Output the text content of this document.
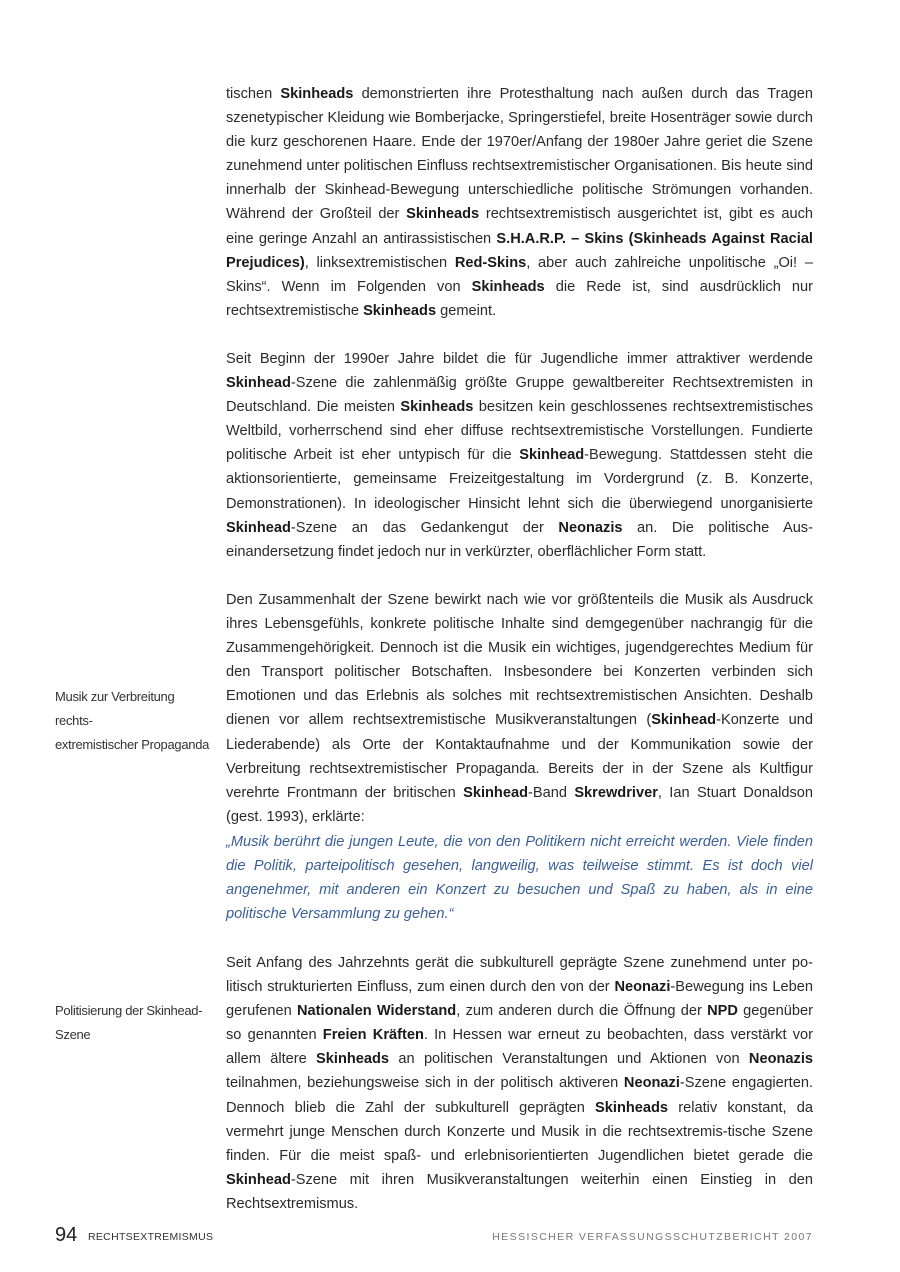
tischen Skinheads demonstrierten ihre Protesthaltung nach außen durch das Tragen szenetypischer Kleidung wie Bomberjacke, Springerstiefel, breite Hosenträger sowie durch die kurz geschorenen Haare. Ende der 1970er/Anfang der 1980er Jahre geriet die Szene zunehmend unter politischen Einfluss rechtsextremistischer Organisationen. Bis heute sind innerhalb der Skinhead-Bewegung unterschiedliche politische Strömungen vorhanden. Während der Großteil der Skinheads rechtsextremistisch ausgerichtet ist, gibt es auch eine geringe Anzahl an antirassistischen S.H.A.R.P. – Skins (Skinheads Against Racial Prejudices), linksextremistischen Red-Skins, aber auch zahlreiche unpolitische „Oi! – Skins“. Wenn im Folgenden von Skinheads die Rede ist, sind ausdrücklich nur rechtsextremistische Skinheads gemeint.

Seit Beginn der 1990er Jahre bildet die für Jugendliche immer attraktiver werdende Skinhead-Szene die zahlenmäßig größte Gruppe gewaltbereiter Rechtsextremisten in Deutschland. Die meisten Skinheads besitzen kein geschlossenes rechtsextremistisches Weltbild, vorherrschend sind eher diffuse rechtsextremistische Vorstellungen. Fundierte politische Arbeit ist eher untypisch für die Skinhead-Bewegung. Stattdessen steht die aktionsorientierte, gemeinsame Freizeitgestaltung im Vordergrund (z. B. Konzerte, Demonstrationen). In ideologischer Hinsicht lehnt sich die überwiegend unorganisierte Skinhead-Szene an das Gedankengut der Neonazis an. Die politische Auseinandersetzung findet jedoch nur in verkürzter, oberflächlicher Form statt.

Den Zusammenhalt der Szene bewirkt nach wie vor größtenteils die Musik als Ausdruck ihres Lebensgefühls, konkrete politische Inhalte sind demgegenüber nachrangig für die Zusammengehörigkeit. Dennoch ist die Musik ein wichtiges, jugendgerechtes Medium für den Transport politischer Botschaften. Insbesondere bei Konzerten verbinden sich Emotionen und das Erlebnis als solches mit rechtsextremistischen Ansichten. Deshalb dienen vor allem rechtsextremistische Musikveranstaltungen (Skinhead-Konzerte und Liederabende) als Orte der Kontaktaufnahme und der Kommunikation sowie der Verbreitung rechtsextremistischer Propaganda. Bereits der in der Szene als Kultfigur verehrte Frontmann der britischen Skinhead-Band Skrewdriver, Ian Stuart Donaldson (gest. 1993), erklärte:

„Musik berührt die jungen Leute, die von den Politikern nicht erreicht werden. Viele finden die Politik, parteipolitisch gesehen, langweilig, was teilweise stimmt. Es ist doch viel angenehmer, mit anderen ein Konzert zu besuchen und Spaß zu haben, als in eine politische Versammlung zu gehen.“

Seit Anfang des Jahrzehnts gerät die subkulturell geprägte Szene zunehmend unter politisch strukturierten Einfluss, zum einen durch den von der Neonazi-Bewegung ins Leben gerufenen Nationalen Widerstand, zum anderen durch die Öffnung der NPD gegenüber so genannten Freien Kräften. In Hessen war erneut zu beobachten, dass verstärkt vor allem ältere Skinheads an politischen Veranstaltungen und Aktionen von Neonazis teilnahmen, beziehungsweise sich in der politisch aktiveren Neonazi-Szene engagierten. Dennoch blieb die Zahl der subkulturell geprägten Skinheads relativ konstant, da vermehrt junge Menschen durch Konzerte und Musik in die rechtsextremis-tische Szene finden. Für die meist spaß- und erlebnisorientierten Jugendlichen bietet gerade die Skinhead-Szene mit ihren Musikveranstaltungen weiterhin einen Einstieg in den Rechtsextremismus.

Musik zur Verbreitung rechts-
extremistischer Propaganda
Politisierung der Skinhead-
Szene
94 RECHTSEXTREMISMUS	HESSISCHER VERFASSUNGSSCHUTZBERICHT 2007
